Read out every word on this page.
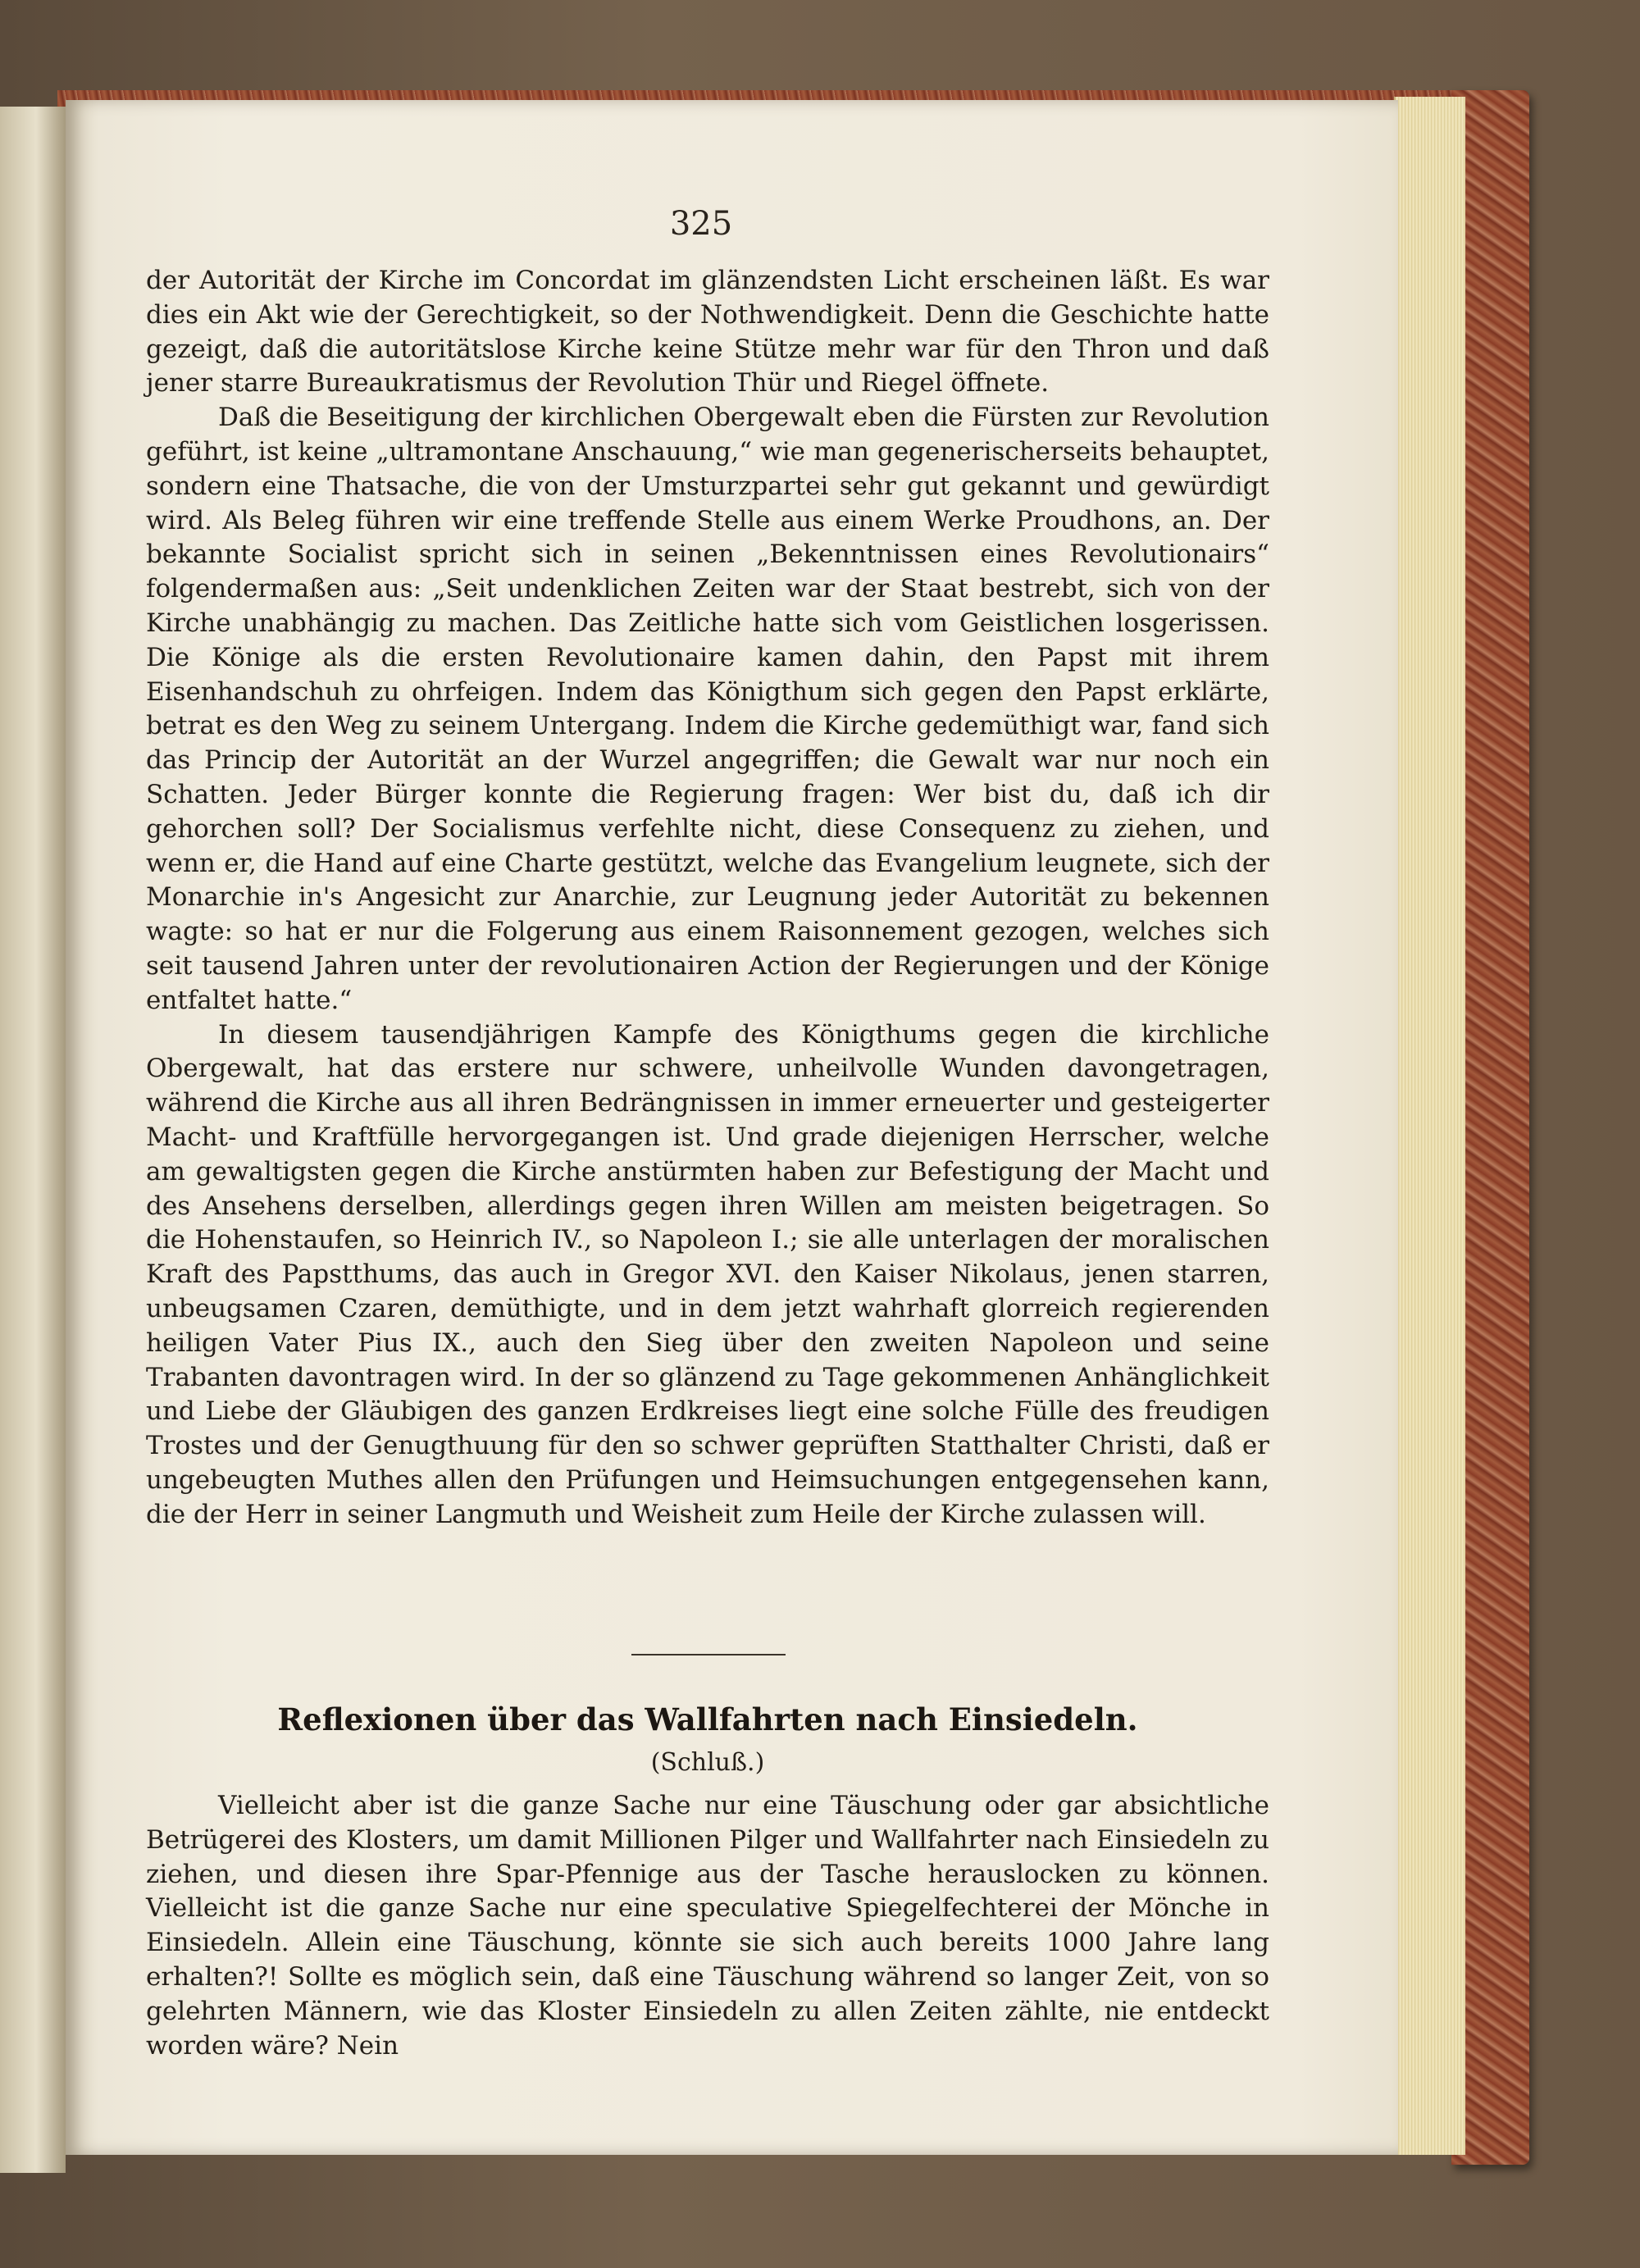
325

der Autorität der Kirche im Concordat im glänzendsten Licht erscheinen läßt. Es war dies ein Akt wie der Gerechtigkeit, so der Nothwendigkeit. Denn die Geschichte hatte gezeigt, daß die autoritätslose Kirche keine Stütze mehr war für den Thron und daß jener starre Bureaukratismus der Revolution Thür und Riegel öffnete.

Daß die Beseitigung der kirchlichen Obergewalt eben die Fürsten zur Revolution geführt, ist keine „ultramontane Anschauung,“ wie man gegenerischerseits behauptet, sondern eine Thatsache, die von der Umsturzpartei sehr gut gekannt und gewürdigt wird. Als Beleg führen wir eine treffende Stelle aus einem Werke Proudhons, an. Der bekannte Socialist spricht sich in seinen „Bekenntnissen eines Revolutionairs“ folgendermaßen aus: „Seit undenklichen Zeiten war der Staat bestrebt, sich von der Kirche unabhängig zu machen. Das Zeitliche hatte sich vom Geistlichen losgerissen. Die Könige als die ersten Revolutionaire kamen dahin, den Papst mit ihrem Eisenhandschuh zu ohrfeigen. Indem das Königthum sich gegen den Papst erklärte, betrat es den Weg zu seinem Untergang. Indem die Kirche gedemüthigt war, fand sich das Princip der Autorität an der Wurzel angegriffen; die Gewalt war nur noch ein Schatten. Jeder Bürger konnte die Regierung fragen: Wer bist du, daß ich dir gehorchen soll? Der Socialismus verfehlte nicht, diese Consequenz zu ziehen, und wenn er, die Hand auf eine Charte gestützt, welche das Evangelium leugnete, sich der Monarchie in's Angesicht zur Anarchie, zur Leugnung jeder Autorität zu bekennen wagte: so hat er nur die Folgerung aus einem Raisonnement gezogen, welches sich seit tausend Jahren unter der revolutionairen Action der Regierungen und der Könige entfaltet hatte.“

In diesem tausendjährigen Kampfe des Königthums gegen die kirchliche Obergewalt, hat das erstere nur schwere, unheilvolle Wunden davongetragen, während die Kirche aus all ihren Bedrängnissen in immer erneuerter und gesteigerter Macht- und Kraftfülle hervorgegangen ist. Und grade diejenigen Herrscher, welche am gewaltigsten gegen die Kirche anstürmten haben zur Befestigung der Macht und des Ansehens derselben, allerdings gegen ihren Willen am meisten beigetragen. So die Hohenstaufen, so Heinrich IV., so Napoleon I.; sie alle unterlagen der moralischen Kraft des Papstthums, das auch in Gregor XVI. den Kaiser Nikolaus, jenen starren, unbeugsamen Czaren, demüthigte, und in dem jetzt wahrhaft glorreich regierenden heiligen Vater Pius IX., auch den Sieg über den zweiten Napoleon und seine Trabanten davontragen wird. In der so glänzend zu Tage gekommenen Anhänglichkeit und Liebe der Gläubigen des ganzen Erdkreises liegt eine solche Fülle des freudigen Trostes und der Genugthuung für den so schwer geprüften Statthalter Christi, daß er ungebeugten Muthes allen den Prüfungen und Heimsuchungen entgegensehen kann, die der Herr in seiner Langmuth und Weisheit zum Heile der Kirche zulassen will.

Reflexionen über das Wallfahrten nach Einsiedeln.
(Schluß.)

Vielleicht aber ist die ganze Sache nur eine Täuschung oder gar absichtliche Betrügerei des Klosters, um damit Millionen Pilger und Wallfahrter nach Einsiedeln zu ziehen, und diesen ihre Spar-Pfennige aus der Tasche herauslocken zu können. Vielleicht ist die ganze Sache nur eine speculative Spiegelfechterei der Mönche in Einsiedeln. Allein eine Täuschung, könnte sie sich auch bereits 1000 Jahre lang erhalten?! Sollte es möglich sein, daß eine Täuschung während so langer Zeit, von so gelehrten Männern, wie das Kloster Einsiedeln zu allen Zeiten zählte, nie entdeckt worden wäre? Nein
